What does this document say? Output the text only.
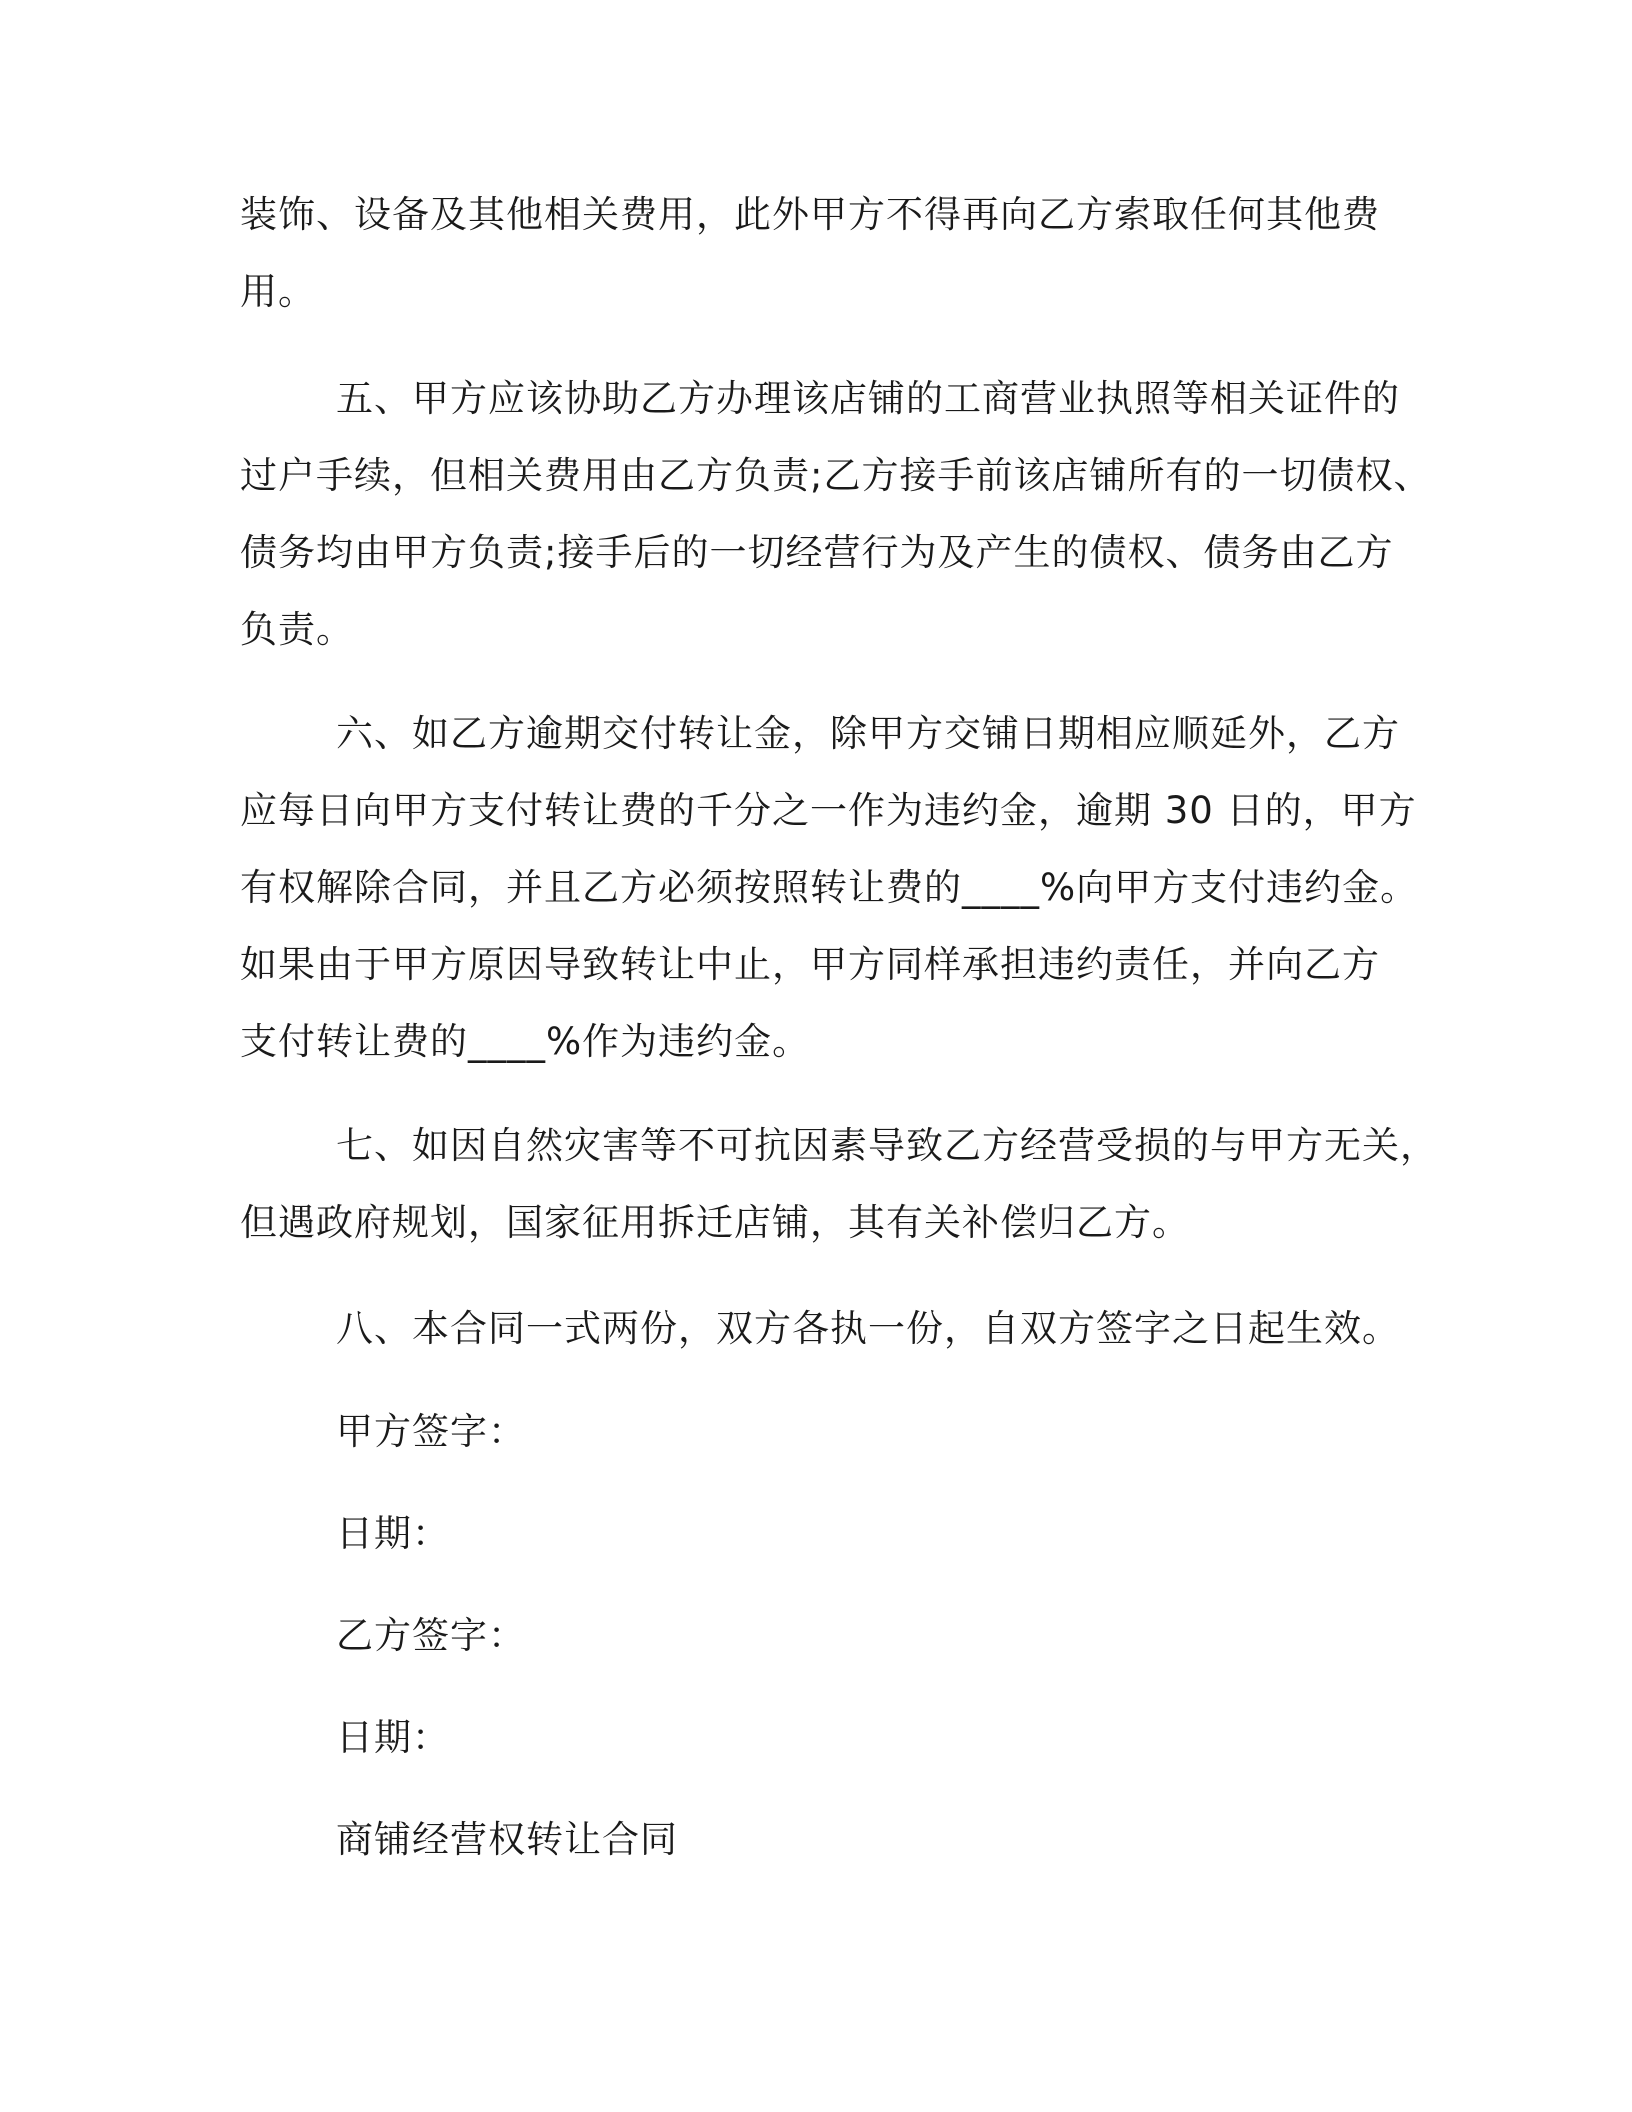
装饰、设备及其他相关费用，此外甲方不得再向乙方索取任何其他费
用。
五、甲方应该协助乙方办理该店铺的工商营业执照等相关证件的
过户手续，但相关费用由乙方负责;乙方接手前该店铺所有的一切债权、
债务均由甲方负责;接手后的一切经营行为及产生的债权、债务由乙方
负责。
六、如乙方逾期交付转让金，除甲方交铺日期相应顺延外，乙方
应每日向甲方支付转让费的千分之一作为违约金，逾期 30 日的，甲方
有权解除合同，并且乙方必须按照转让费的____%向甲方支付违约金。
如果由于甲方原因导致转让中止，甲方同样承担违约责任，并向乙方
支付转让费的____%作为违约金。
七、如因自然灾害等不可抗因素导致乙方经营受损的与甲方无关，
但遇政府规划，国家征用拆迁店铺，其有关补偿归乙方。
八、本合同一式两份，双方各执一份，自双方签字之日起生效。
甲方签字：
日期：
乙方签字：
日期：
商铺经营权转让合同
